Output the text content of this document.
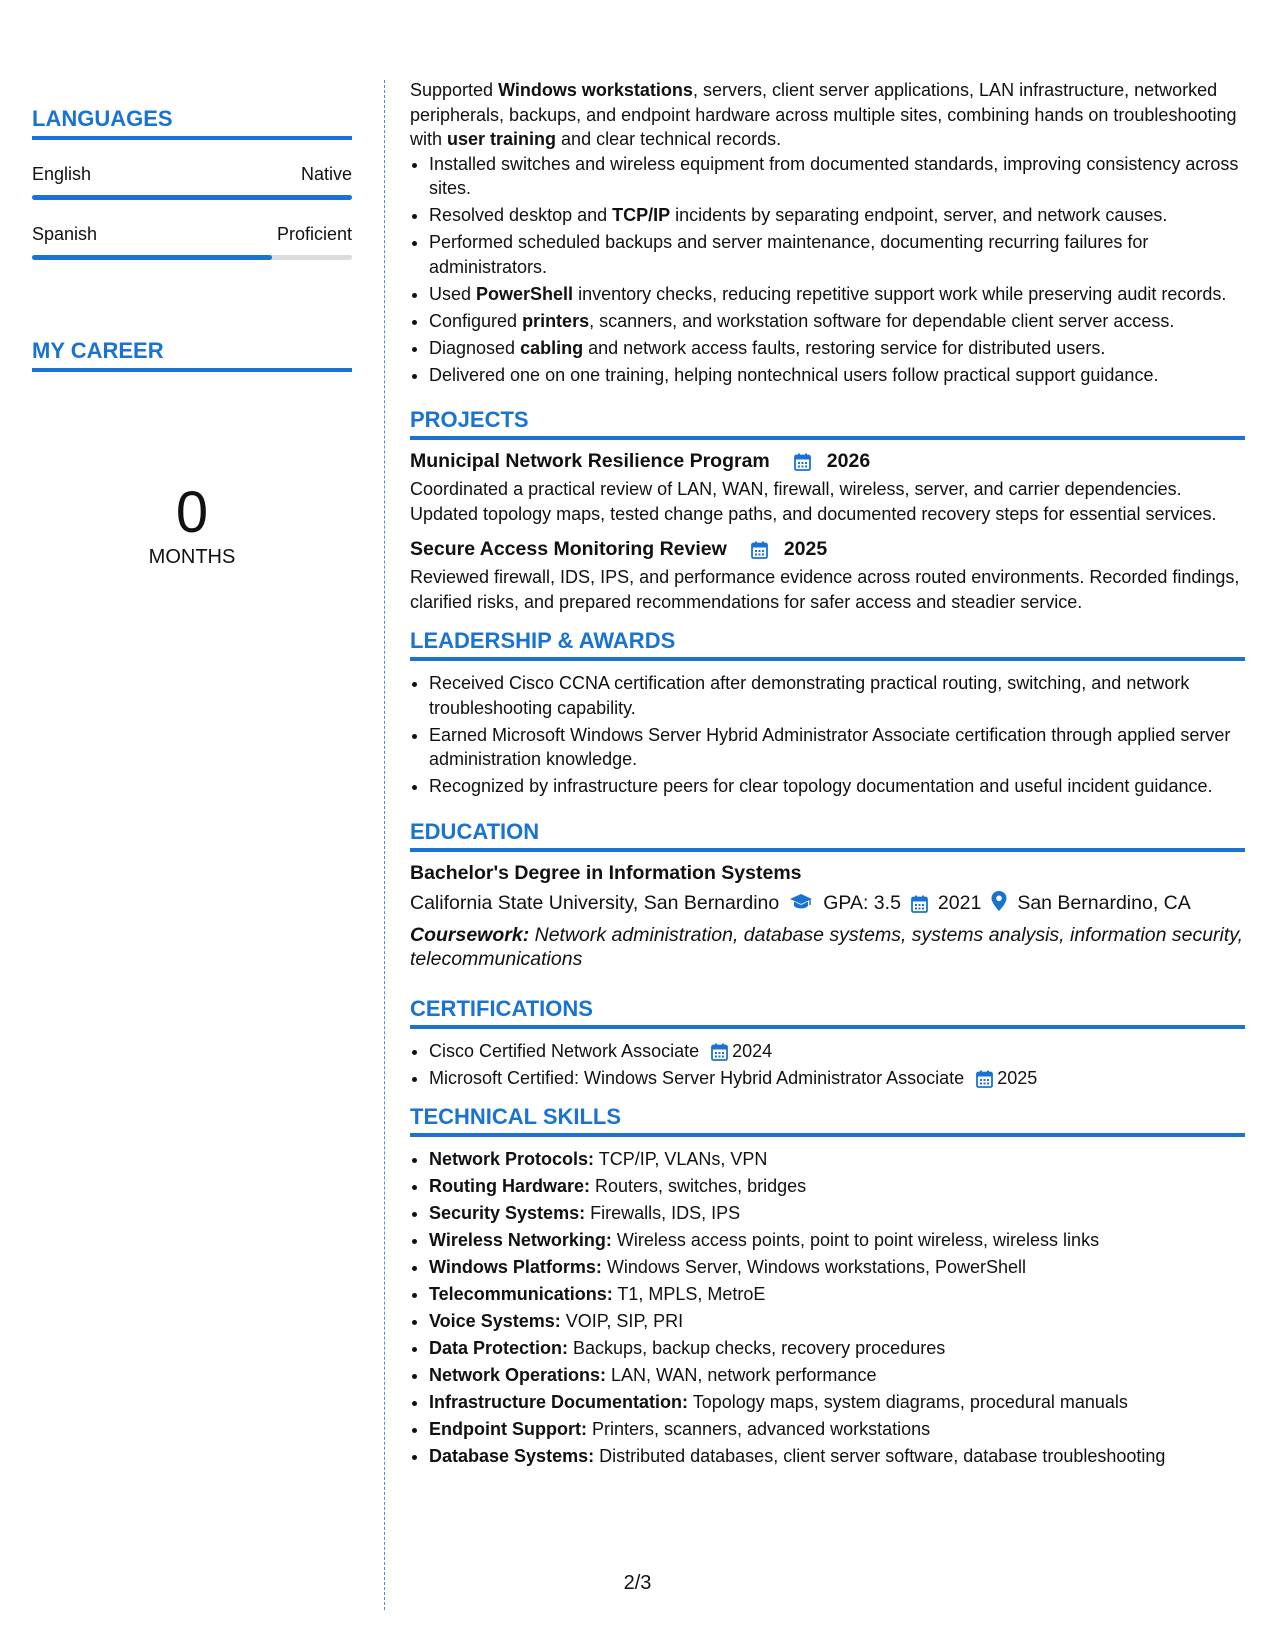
LANGUAGES
English	Native
Spanish	Proficient
MY CAREER
0
MONTHS
Supported Windows workstations, servers, client server applications, LAN infrastructure, networked peripherals, backups, and endpoint hardware across multiple sites, combining hands on troubleshooting with user training and clear technical records.
• Installed switches and wireless equipment from documented standards, improving consistency across sites.
• Resolved desktop and TCP/IP incidents by separating endpoint, server, and network causes.
• Performed scheduled backups and server maintenance, documenting recurring failures for administrators.
• Used PowerShell inventory checks, reducing repetitive support work while preserving audit records.
• Configured printers, scanners, and workstation software for dependable client server access.
• Diagnosed cabling and network access faults, restoring service for distributed users.
• Delivered one on one training, helping nontechnical users follow practical support guidance.
PROJECTS
Municipal Network Resilience Program	2026
Coordinated a practical review of LAN, WAN, firewall, wireless, server, and carrier dependencies. Updated topology maps, tested change paths, and documented recovery steps for essential services.
Secure Access Monitoring Review	2025
Reviewed firewall, IDS, IPS, and performance evidence across routed environments. Recorded findings, clarified risks, and prepared recommendations for safer access and steadier service.
LEADERSHIP & AWARDS
• Received Cisco CCNA certification after demonstrating practical routing, switching, and network troubleshooting capability.
• Earned Microsoft Windows Server Hybrid Administrator Associate certification through applied server administration knowledge.
• Recognized by infrastructure peers for clear topology documentation and useful incident guidance.
EDUCATION
Bachelor's Degree in Information Systems
California State University, San Bernardino GPA: 3.5 2021 San Bernardino, CA
Coursework: Network administration, database systems, systems analysis, information security, telecommunications
CERTIFICATIONS
• Cisco Certified Network Associate 2024
• Microsoft Certified: Windows Server Hybrid Administrator Associate 2025
TECHNICAL SKILLS
• Network Protocols: TCP/IP, VLANs, VPN
• Routing Hardware: Routers, switches, bridges
• Security Systems: Firewalls, IDS, IPS
• Wireless Networking: Wireless access points, point to point wireless, wireless links
• Windows Platforms: Windows Server, Windows workstations, PowerShell
• Telecommunications: T1, MPLS, MetroE
• Voice Systems: VOIP, SIP, PRI
• Data Protection: Backups, backup checks, recovery procedures
• Network Operations: LAN, WAN, network performance
• Infrastructure Documentation: Topology maps, system diagrams, procedural manuals
• Endpoint Support: Printers, scanners, advanced workstations
• Database Systems: Distributed databases, client server software, database troubleshooting
2/3
